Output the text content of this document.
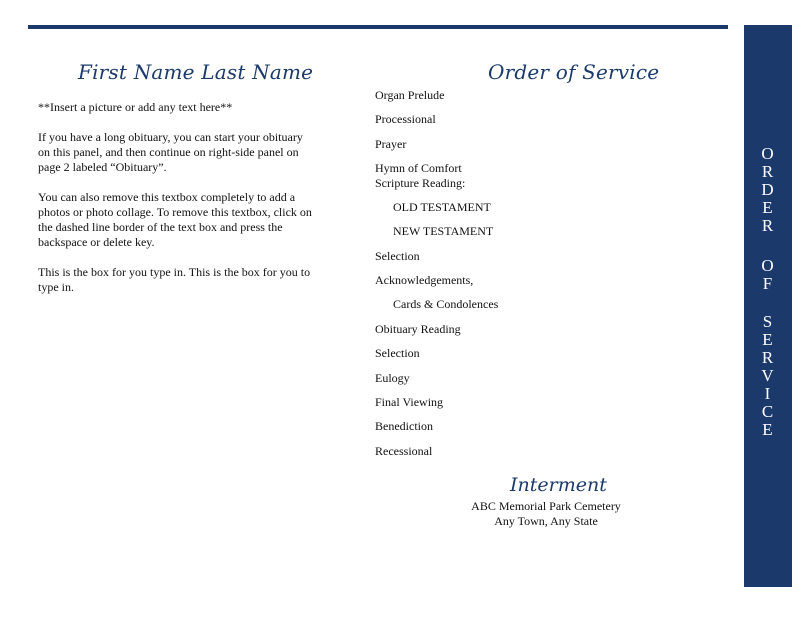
First Name Last Name

**Insert a picture or add any text here**

If you have a long obituary, you can start your obituary on this panel, and then continue on right-side panel on page 2 labeled “Obituary”.

You can also remove this textbox completely to add a photos or photo collage. To remove this textbox, click on the dashed line border of the text box and press the backspace or delete key.

This is the box for you type in. This is the box for you to type in.

Order of Service
Organ Prelude
Processional
Prayer
Hymn of Comfort
Scripture Reading:
OLD TESTAMENT
NEW TESTAMENT
Selection
Acknowledgements,
Cards & Condolences
Obituary Reading
Selection
Eulogy
Final Viewing
Benediction
Recessional
Interment
ABC Memorial Park Cemetery
Any Town, Any State
O
R
D
E
R
O
F
S
E
R
V
I
C
E
